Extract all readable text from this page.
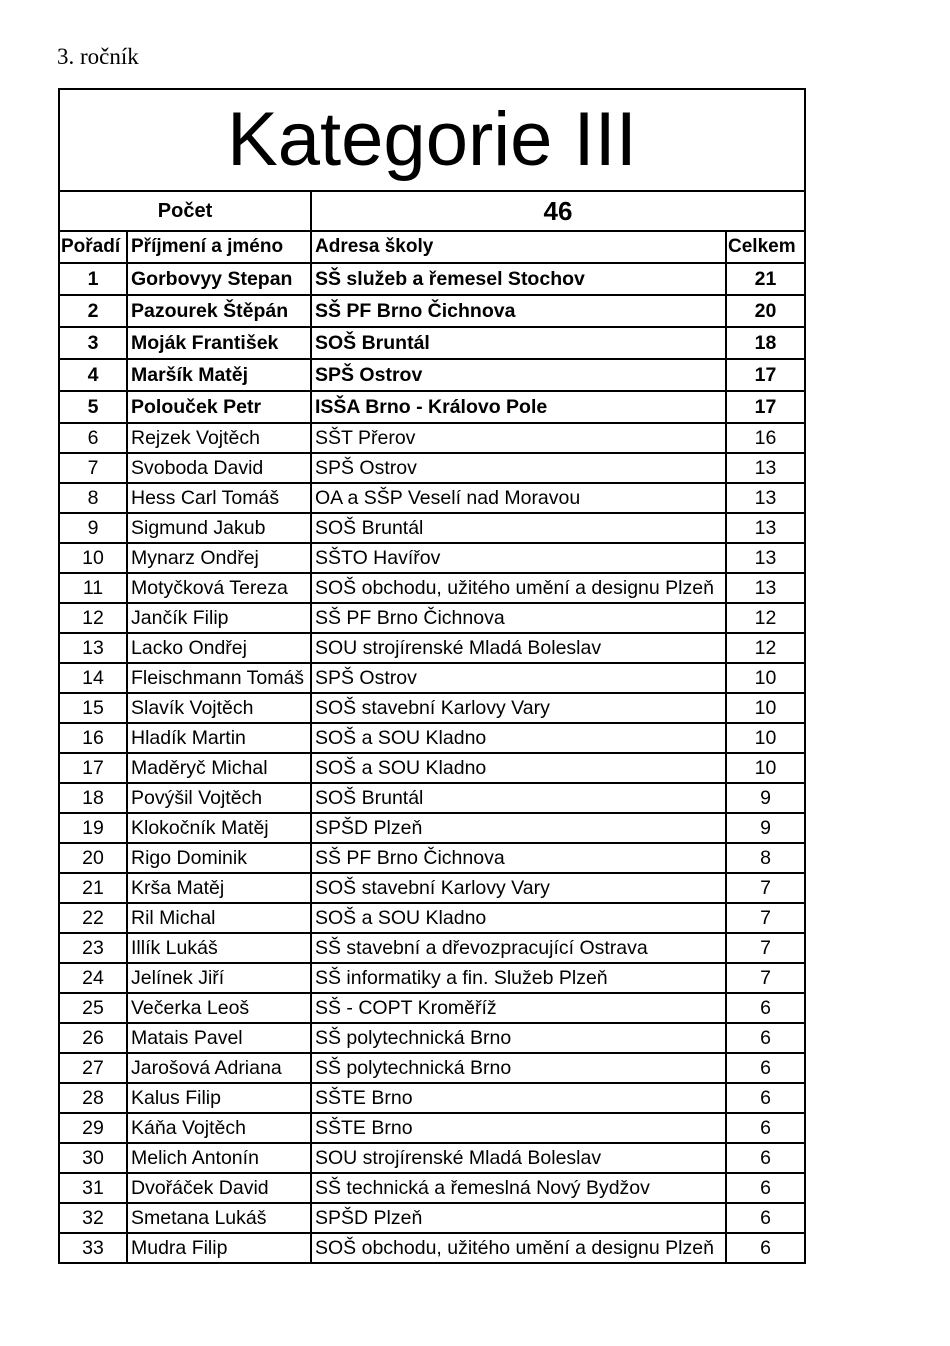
3. ročník
Kategorie III			
Počet		46	
Pořadí	Příjmení a jméno	Adresa školy	Celkem
1	Gorbovyy Stepan	SŠ služeb a řemesel Stochov	21
2	Pazourek Štěpán	SŠ PF Brno Čichnova	20
3	Moják František	SOŠ Bruntál	18
4	Maršík Matěj	SPŠ Ostrov	17
5	Polouček Petr	ISŠA Brno - Královo Pole	17
6	Rejzek Vojtěch	SŠT Přerov	16
7	Svoboda David	SPŠ Ostrov	13
8	Hess Carl Tomáš	OA a SŠP Veselí nad Moravou	13
9	Sigmund Jakub	SOŠ Bruntál	13
10	Mynarz Ondřej	SŠTO Havířov	13
11	Motyčková Tereza	SOŠ obchodu, užitého umění a designu Plzeň	13
12	Jančík Filip	SŠ PF Brno Čichnova	12
13	Lacko Ondřej	SOU strojírenské Mladá Boleslav	12
14	Fleischmann Tomáš	SPŠ Ostrov	10
15	Slavík Vojtěch	SOŠ stavební Karlovy Vary	10
16	Hladík Martin	SOŠ a SOU Kladno	10
17	Maděryč Michal	SOŠ a SOU Kladno	10
18	Povýšil Vojtěch	SOŠ Bruntál	9
19	Klokočník Matěj	SPŠD Plzeň	9
20	Rigo Dominik	SŠ PF Brno Čichnova	8
21	Krša Matěj	SOŠ stavební Karlovy Vary	7
22	Ril Michal	SOŠ a SOU Kladno	7
23	Illík Lukáš	SŠ stavební a dřevozpracující Ostrava	7
24	Jelínek Jiří	SŠ informatiky a fin. Služeb Plzeň	7
25	Večerka Leoš	SŠ - COPT Kroměříž	6
26	Matais Pavel	SŠ polytechnická Brno	6
27	Jarošová Adriana	SŠ polytechnická Brno	6
28	Kalus Filip	SŠTE Brno	6
29	Káňa Vojtěch	SŠTE Brno	6
30	Melich Antonín	SOU strojírenské Mladá Boleslav	6
31	Dvořáček David	SŠ technická a řemeslná Nový Bydžov	6
32	Smetana Lukáš	SPŠD Plzeň	6
33	Mudra Filip	SOŠ obchodu, užitého umění a designu Plzeň	6
